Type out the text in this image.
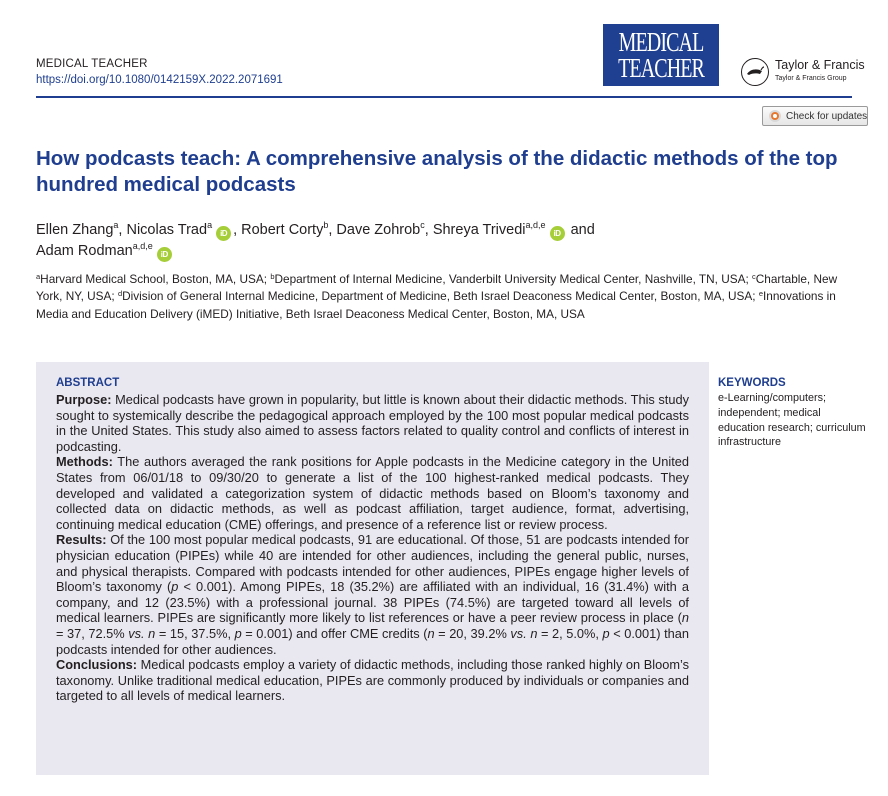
MEDICAL TEACHER
https://doi.org/10.1080/0142159X.2022.2071691
MEDICAL
TEACHER	Taylor & Francis
Taylor & Francis Group
Check for updates
How podcasts teach: A comprehensive analysis of the didactic methods of the top hundred medical podcasts
Ellen Zhang$^a$, Nicolas Trad$^a$iD , Robert Corty$^b$, Dave Zohrob$^c$, Shreya Trivedi$^{a,d,e}$iD and
Adam Rodman$^{a,d,e}$iD
$^a$Harvard Medical School, Boston, MA, USA; $^b$Department of Internal Medicine, Vanderbilt University Medical Center, Nashville, TN, USA; $^c$Chartable, New York, NY, USA; $^d$Division of General Internal Medicine, Department of Medicine, Beth Israel Deaconess Medical Center, Boston, MA, USA; $^e$Innovations in Media and Education Delivery (iMED) Initiative, Beth Israel Deaconess Medical Center, Boston, MA, USA
ABSTRACT

Purpose: Medical podcasts have grown in popularity, but little is known about their didactic methods. This study sought to systemically describe the pedagogical approach employed by the 100 most popular medical podcasts in the United States. This study also aimed to assess factors related to quality control and conflicts of interest in podcasting.

Methods: The authors averaged the rank positions for Apple podcasts in the Medicine category in the United States from 06/01/18 to 09/30/20 to generate a list of the 100 highest-ranked medical podcasts. They developed and validated a categorization system of didactic methods based on Bloom’s taxonomy and collected data on didactic methods, as well as podcast affiliation, target audience, format, advertising, continuing medical education (CME) offerings, and presence of a reference list or review process.

Results: Of the 100 most popular medical podcasts, 91 are educational. Of those, 51 are podcasts intended for physician education (PIPEs) while 40 are intended for other audiences, including the general public, nurses, and physical therapists. Compared with podcasts intended for other audiences, PIPEs engage higher levels of Bloom’s taxonomy (p < 0.001). Among PIPEs, 18 (35.2%) are affiliated with an individual, 16 (31.4%) with a company, and 12 (23.5%) with a professional journal. 38 PIPEs (74.5%) are targeted toward all levels of medical learners. PIPEs are significantly more likely to list references or have a peer review process in place (n = 37, 72.5% vs. n = 15, 37.5%, p = 0.001) and offer CME credits (n = 20, 39.2% vs. n = 2, 5.0%, p < 0.001) than podcasts intended for other audiences.

Conclusions: Medical podcasts employ a variety of didactic methods, including those ranked highly on Bloom’s taxonomy. Unlike traditional medical education, PIPEs are commonly produced by individuals or companies and targeted to all levels of medical learners.

KEYWORDS
e-Learning/computers; independent; medical education research; curriculum infrastructure
